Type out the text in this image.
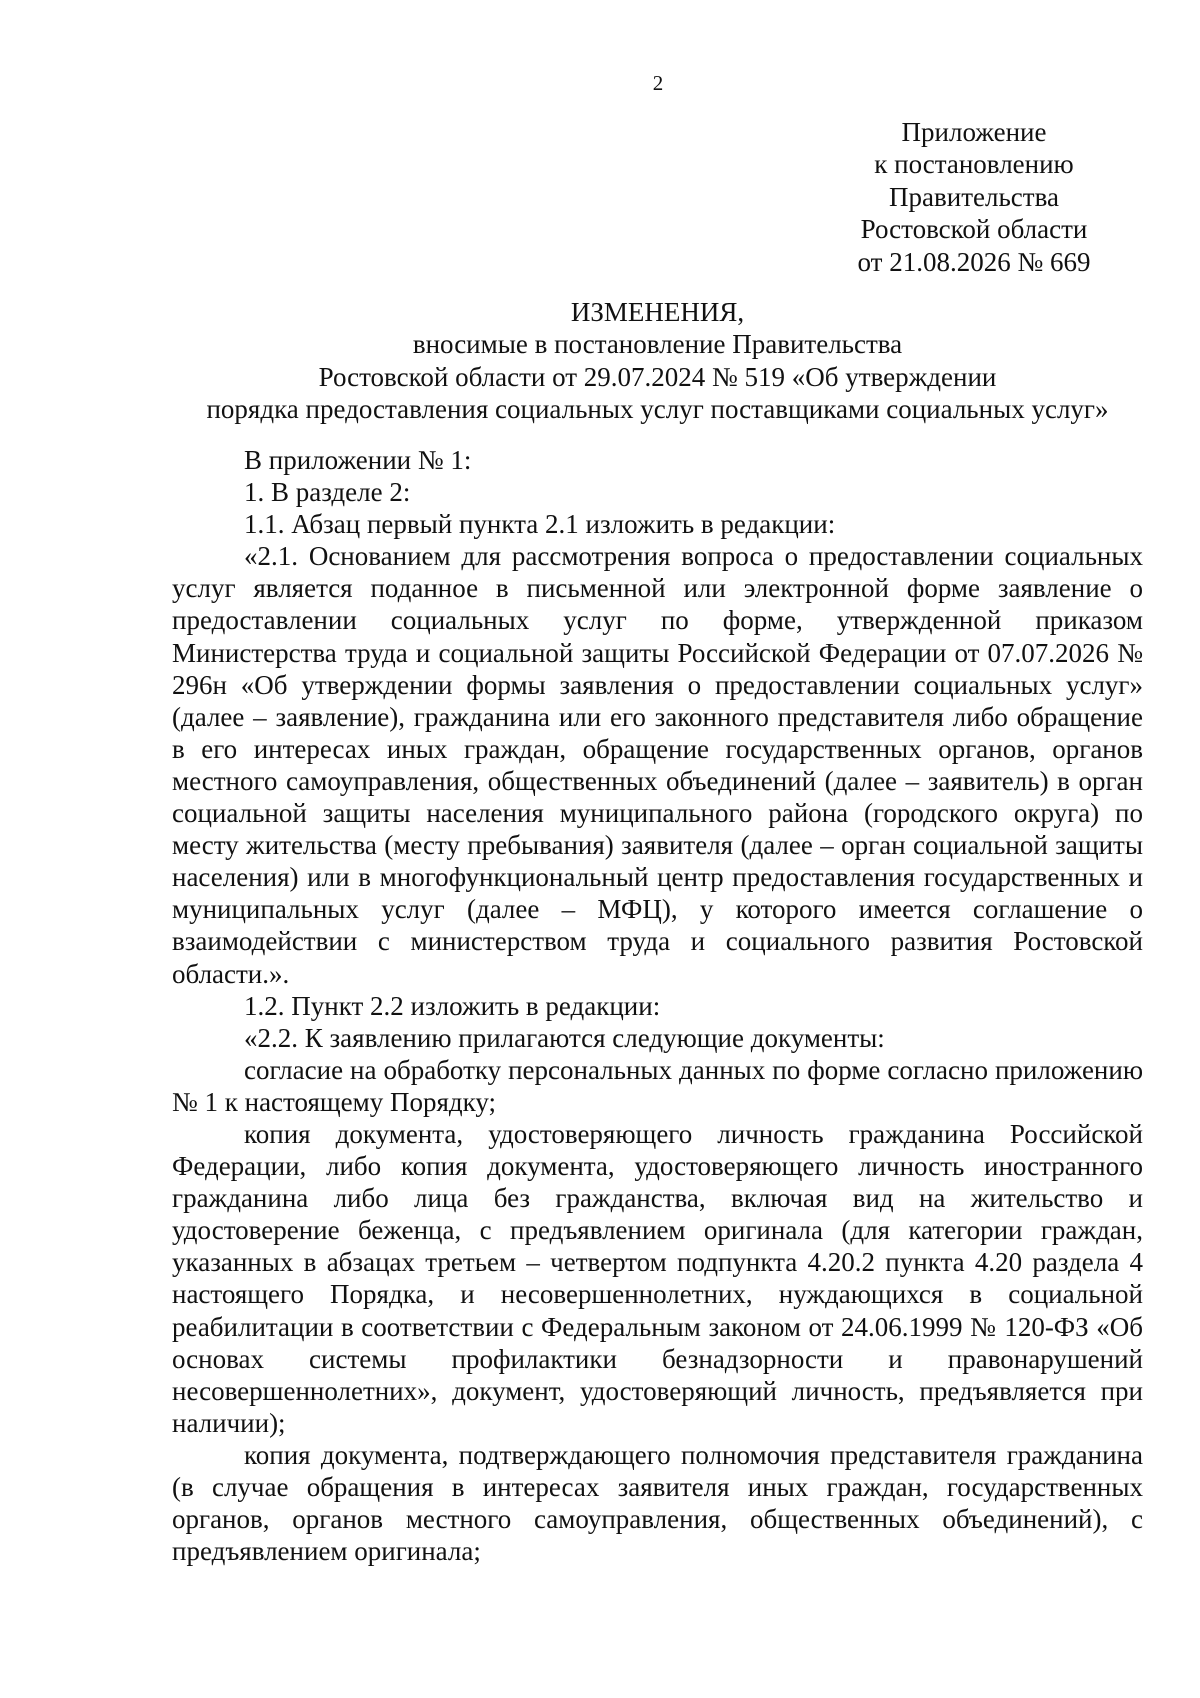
2
Приложение
к постановлению
Правительства
Ростовской области
от 21.08.2026 № 669
ИЗМЕНЕНИЯ,
вносимые в постановление Правительства
Ростовской области от 29.07.2024 № 519 «Об утверждении
порядка предоставления социальных услуг поставщиками социальных услуг»

В приложении № 1:

1. В разделе 2:

1.1. Абзац первый пункта 2.1 изложить в редакции:

«2.1. Основанием для рассмотрения вопроса о предоставлении социальных услуг является поданное в письменной или электронной форме заявление о предоставлении социальных услуг по форме, утвержденной приказом Министерства труда и социальной защиты Российской Федерации от 07.07.2026 № 296н «Об утверждении формы заявления о предоставлении социальных услуг» (далее – заявление), гражданина или его законного представителя либо обращение в его интересах иных граждан, обращение государственных органов, органов местного самоуправления, общественных объединений (далее – заявитель) в орган социальной защиты населения муниципального района (городского округа) по месту жительства (месту пребывания) заявителя (далее – орган социальной защиты населения) или в многофункциональный центр предоставления государственных и муниципальных услуг (далее – МФЦ), у которого имеется соглашение о взаимодействии с министерством труда и социального развития Ростовской области.».

1.2. Пункт 2.2 изложить в редакции:

«2.2. К заявлению прилагаются следующие документы:

согласие на обработку персональных данных по форме согласно приложению № 1 к настоящему Порядку;

копия документа, удостоверяющего личность гражданина Российской Федерации, либо копия документа, удостоверяющего личность иностранного гражданина либо лица без гражданства, включая вид на жительство и удостоверение беженца, с предъявлением оригинала (для категории граждан, указанных в абзацах третьем – четвертом подпункта 4.20.2 пункта 4.20 раздела 4 настоящего Порядка, и несовершеннолетних, нуждающихся в социальной реабилитации в соответствии с Федеральным законом от 24.06.1999 № 120-ФЗ «Об основах системы профилактики безнадзорности и правонарушений несовершеннолетних», документ, удостоверяющий личность, предъявляется при наличии);

копия документа, подтверждающего полномочия представителя гражданина (в случае обращения в интересах заявителя иных граждан, государственных органов, органов местного самоуправления, общественных объединений), с предъявлением оригинала;
